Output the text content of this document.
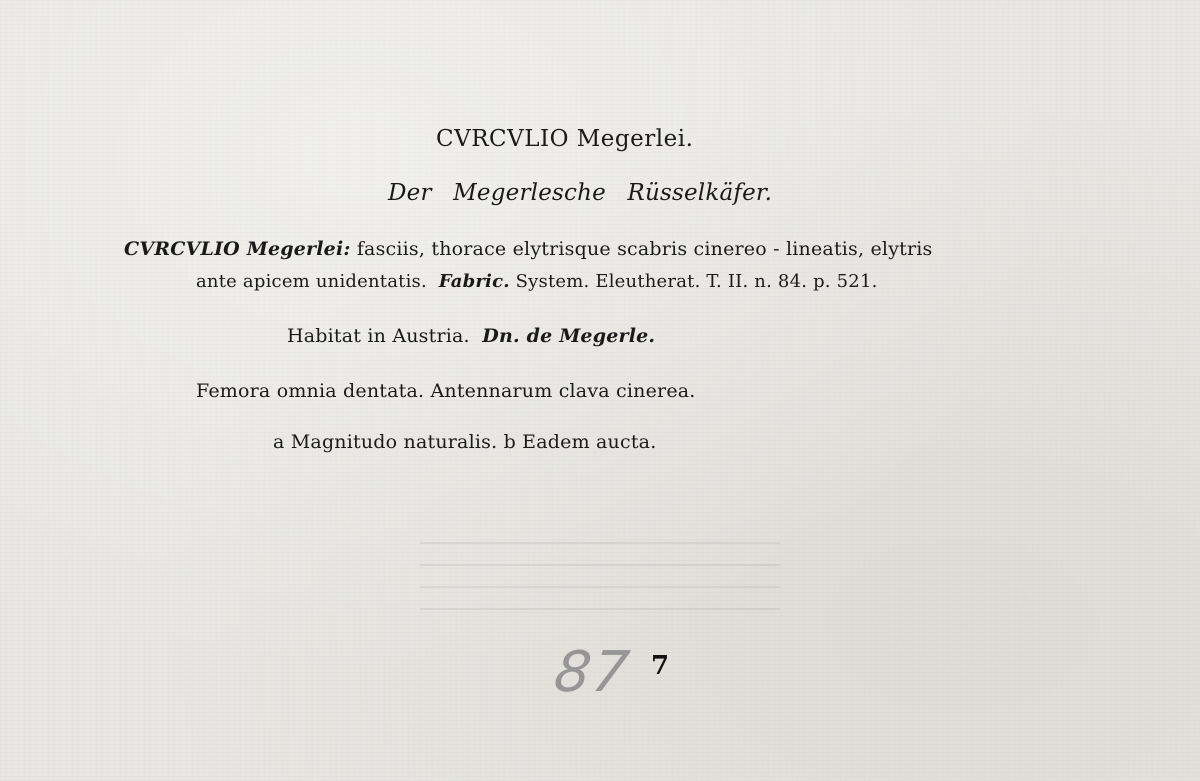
CVRCVLIO Megerlei.
Der Megerlesche Rüsselkäfer.
CVRCVLIO Megerlei: fasciis, thorace elytrisque scabris cinereo - lineatis, elytris
ante apicem unidentatis. Fabric. System. Eleutherat. T. II. n. 84. p. 521.
Habitat in Austria. Dn. de Megerle.
Femora omnia dentata. Antennarum clava cinerea.
a Magnitudo naturalis. b Eadem aucta.
87 7
